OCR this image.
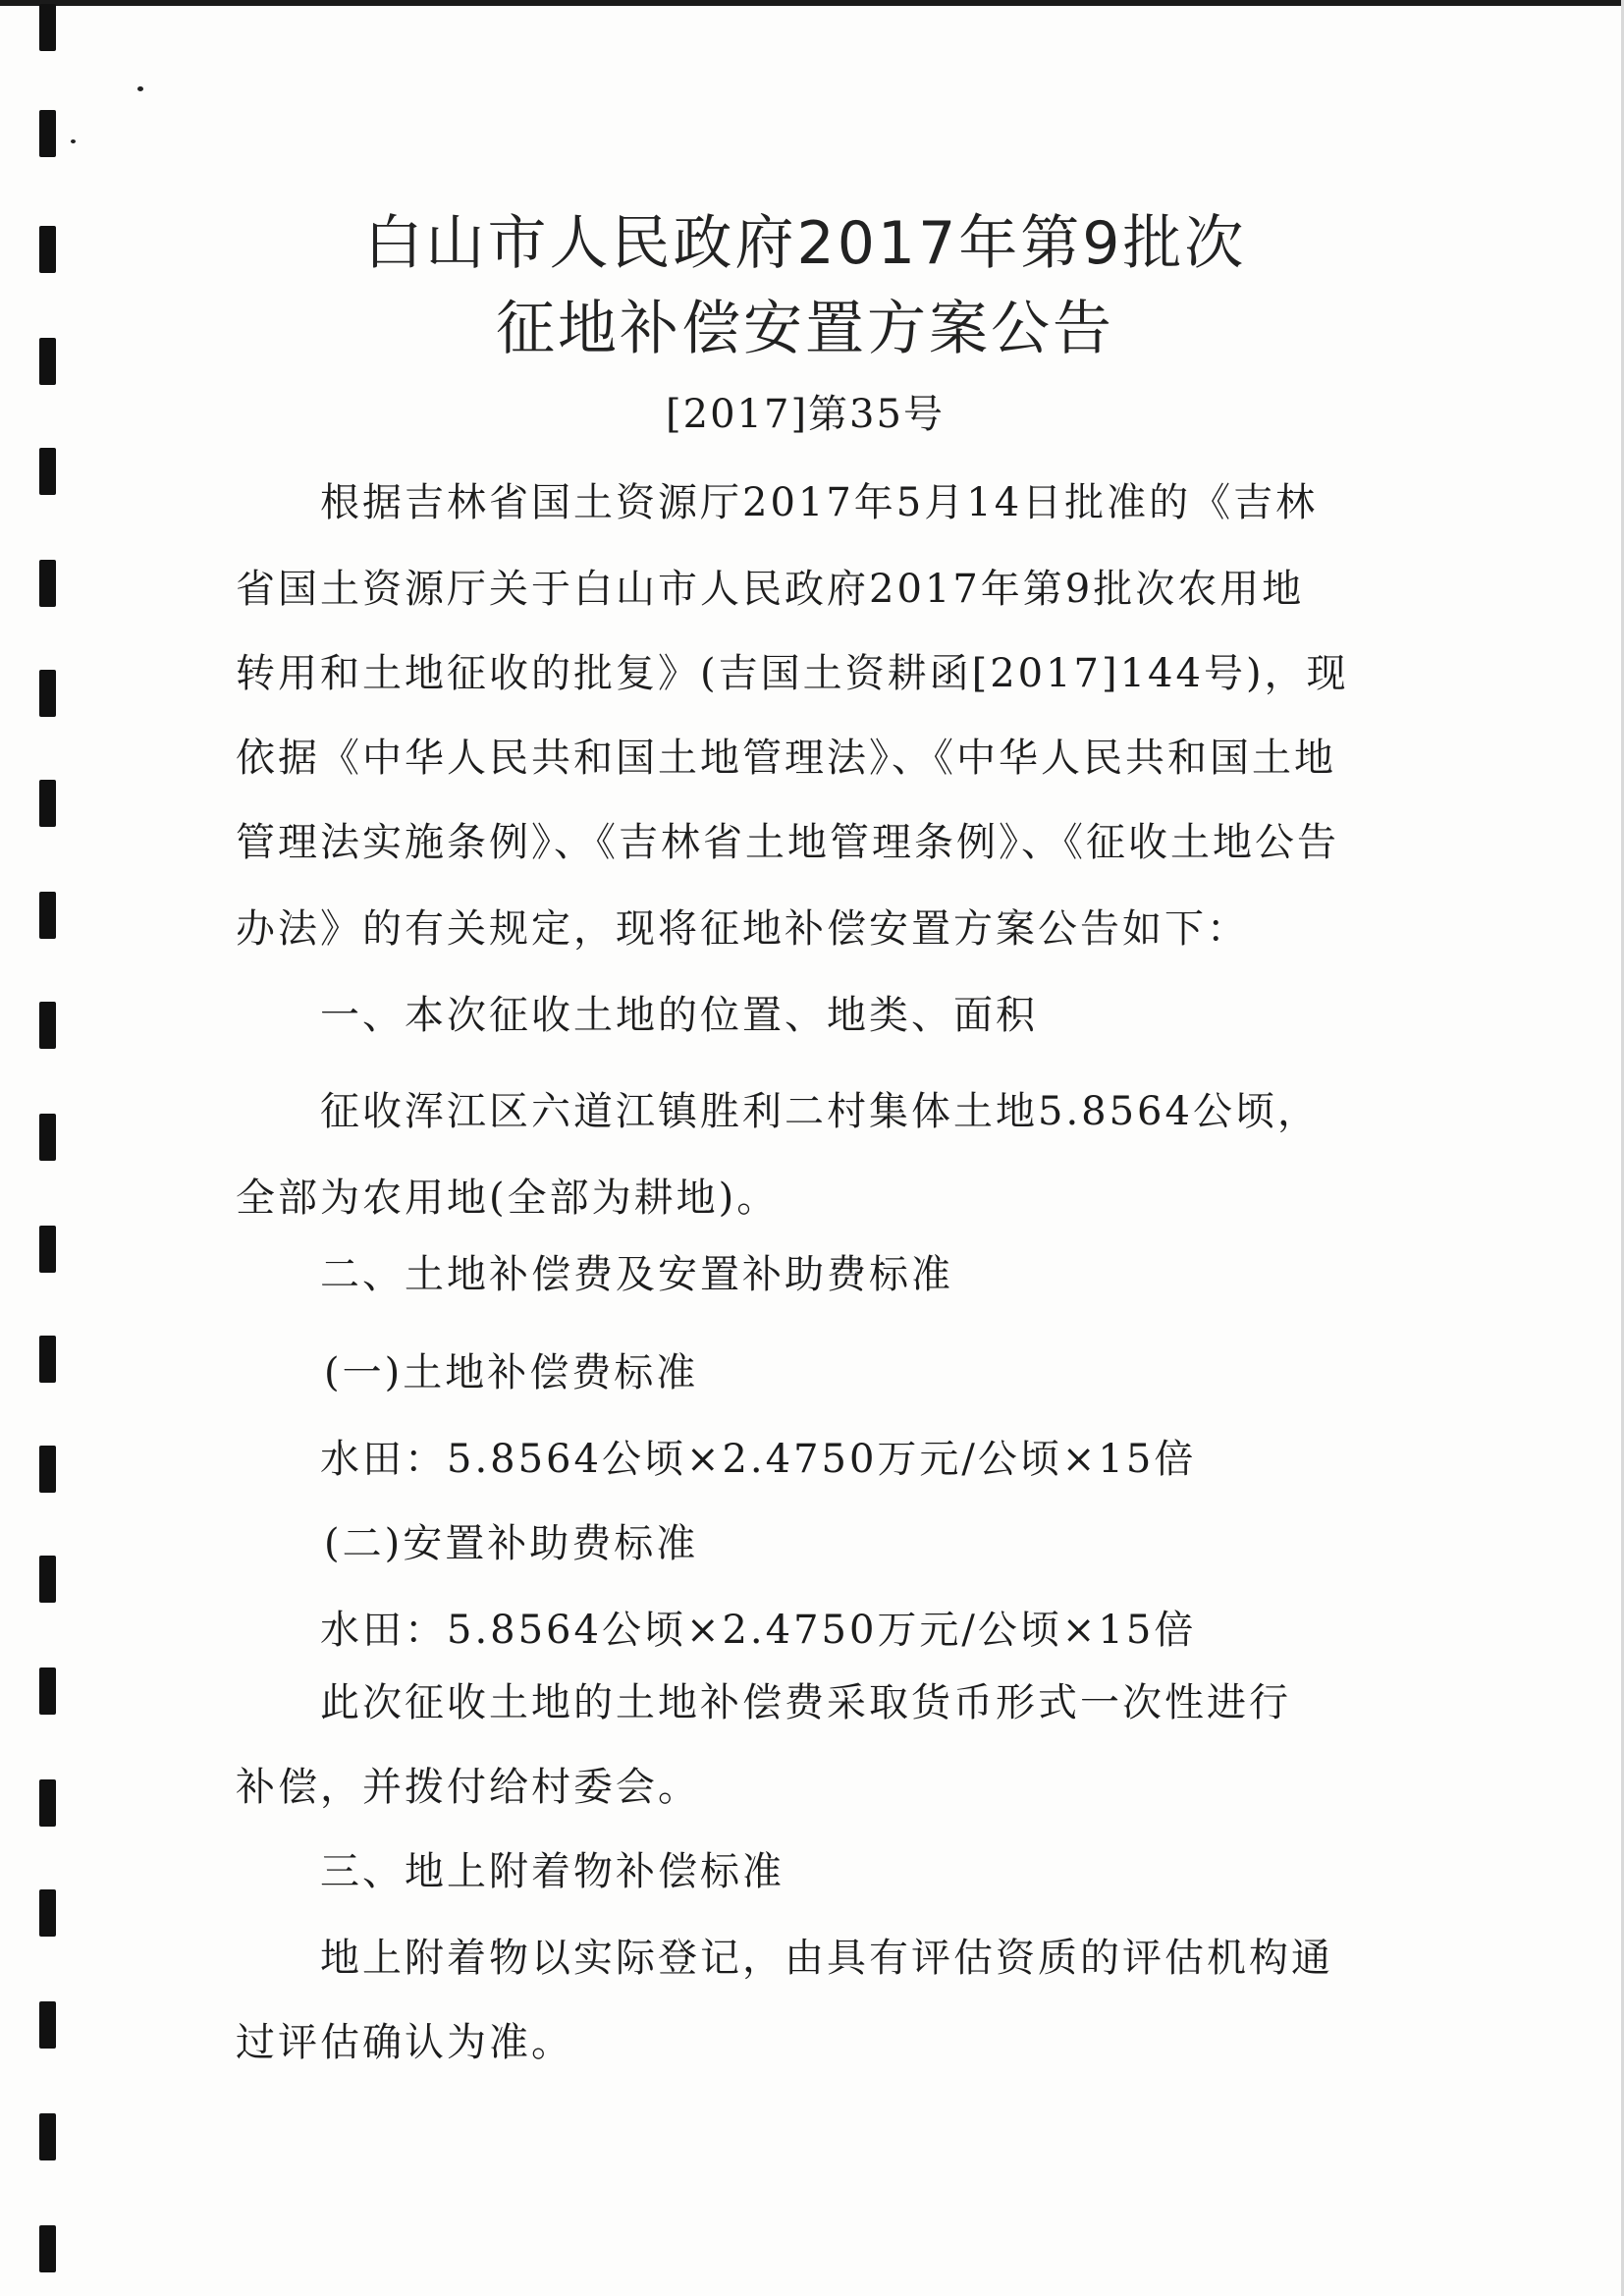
白山市人民政府2017年第9批次
征地补偿安置方案公告
[2017]第35号
根据吉林省国土资源厅2017年5月14日批准的《吉林
省国土资源厅关于白山市人民政府2017年第9批次农用地
转用和土地征收的批复》(吉国土资耕函[2017]144号)，现
依据《中华人民共和国土地管理法》、《中华人民共和国土地
管理法实施条例》、《吉林省土地管理条例》、《征收土地公告
办法》的有关规定，现将征地补偿安置方案公告如下：
一、本次征收土地的位置、地类、面积
征收浑江区六道江镇胜利二村集体土地5.8564公顷，
全部为农用地(全部为耕地)。
二、土地补偿费及安置补助费标准
(一)土地补偿费标准
水田：5.8564公顷×2.4750万元/公顷×15倍
(二)安置补助费标准
水田：5.8564公顷×2.4750万元/公顷×15倍
此次征收土地的土地补偿费采取货币形式一次性进行
补偿，并拨付给村委会。
三、地上附着物补偿标准
地上附着物以实际登记，由具有评估资质的评估机构通
过评估确认为准。
